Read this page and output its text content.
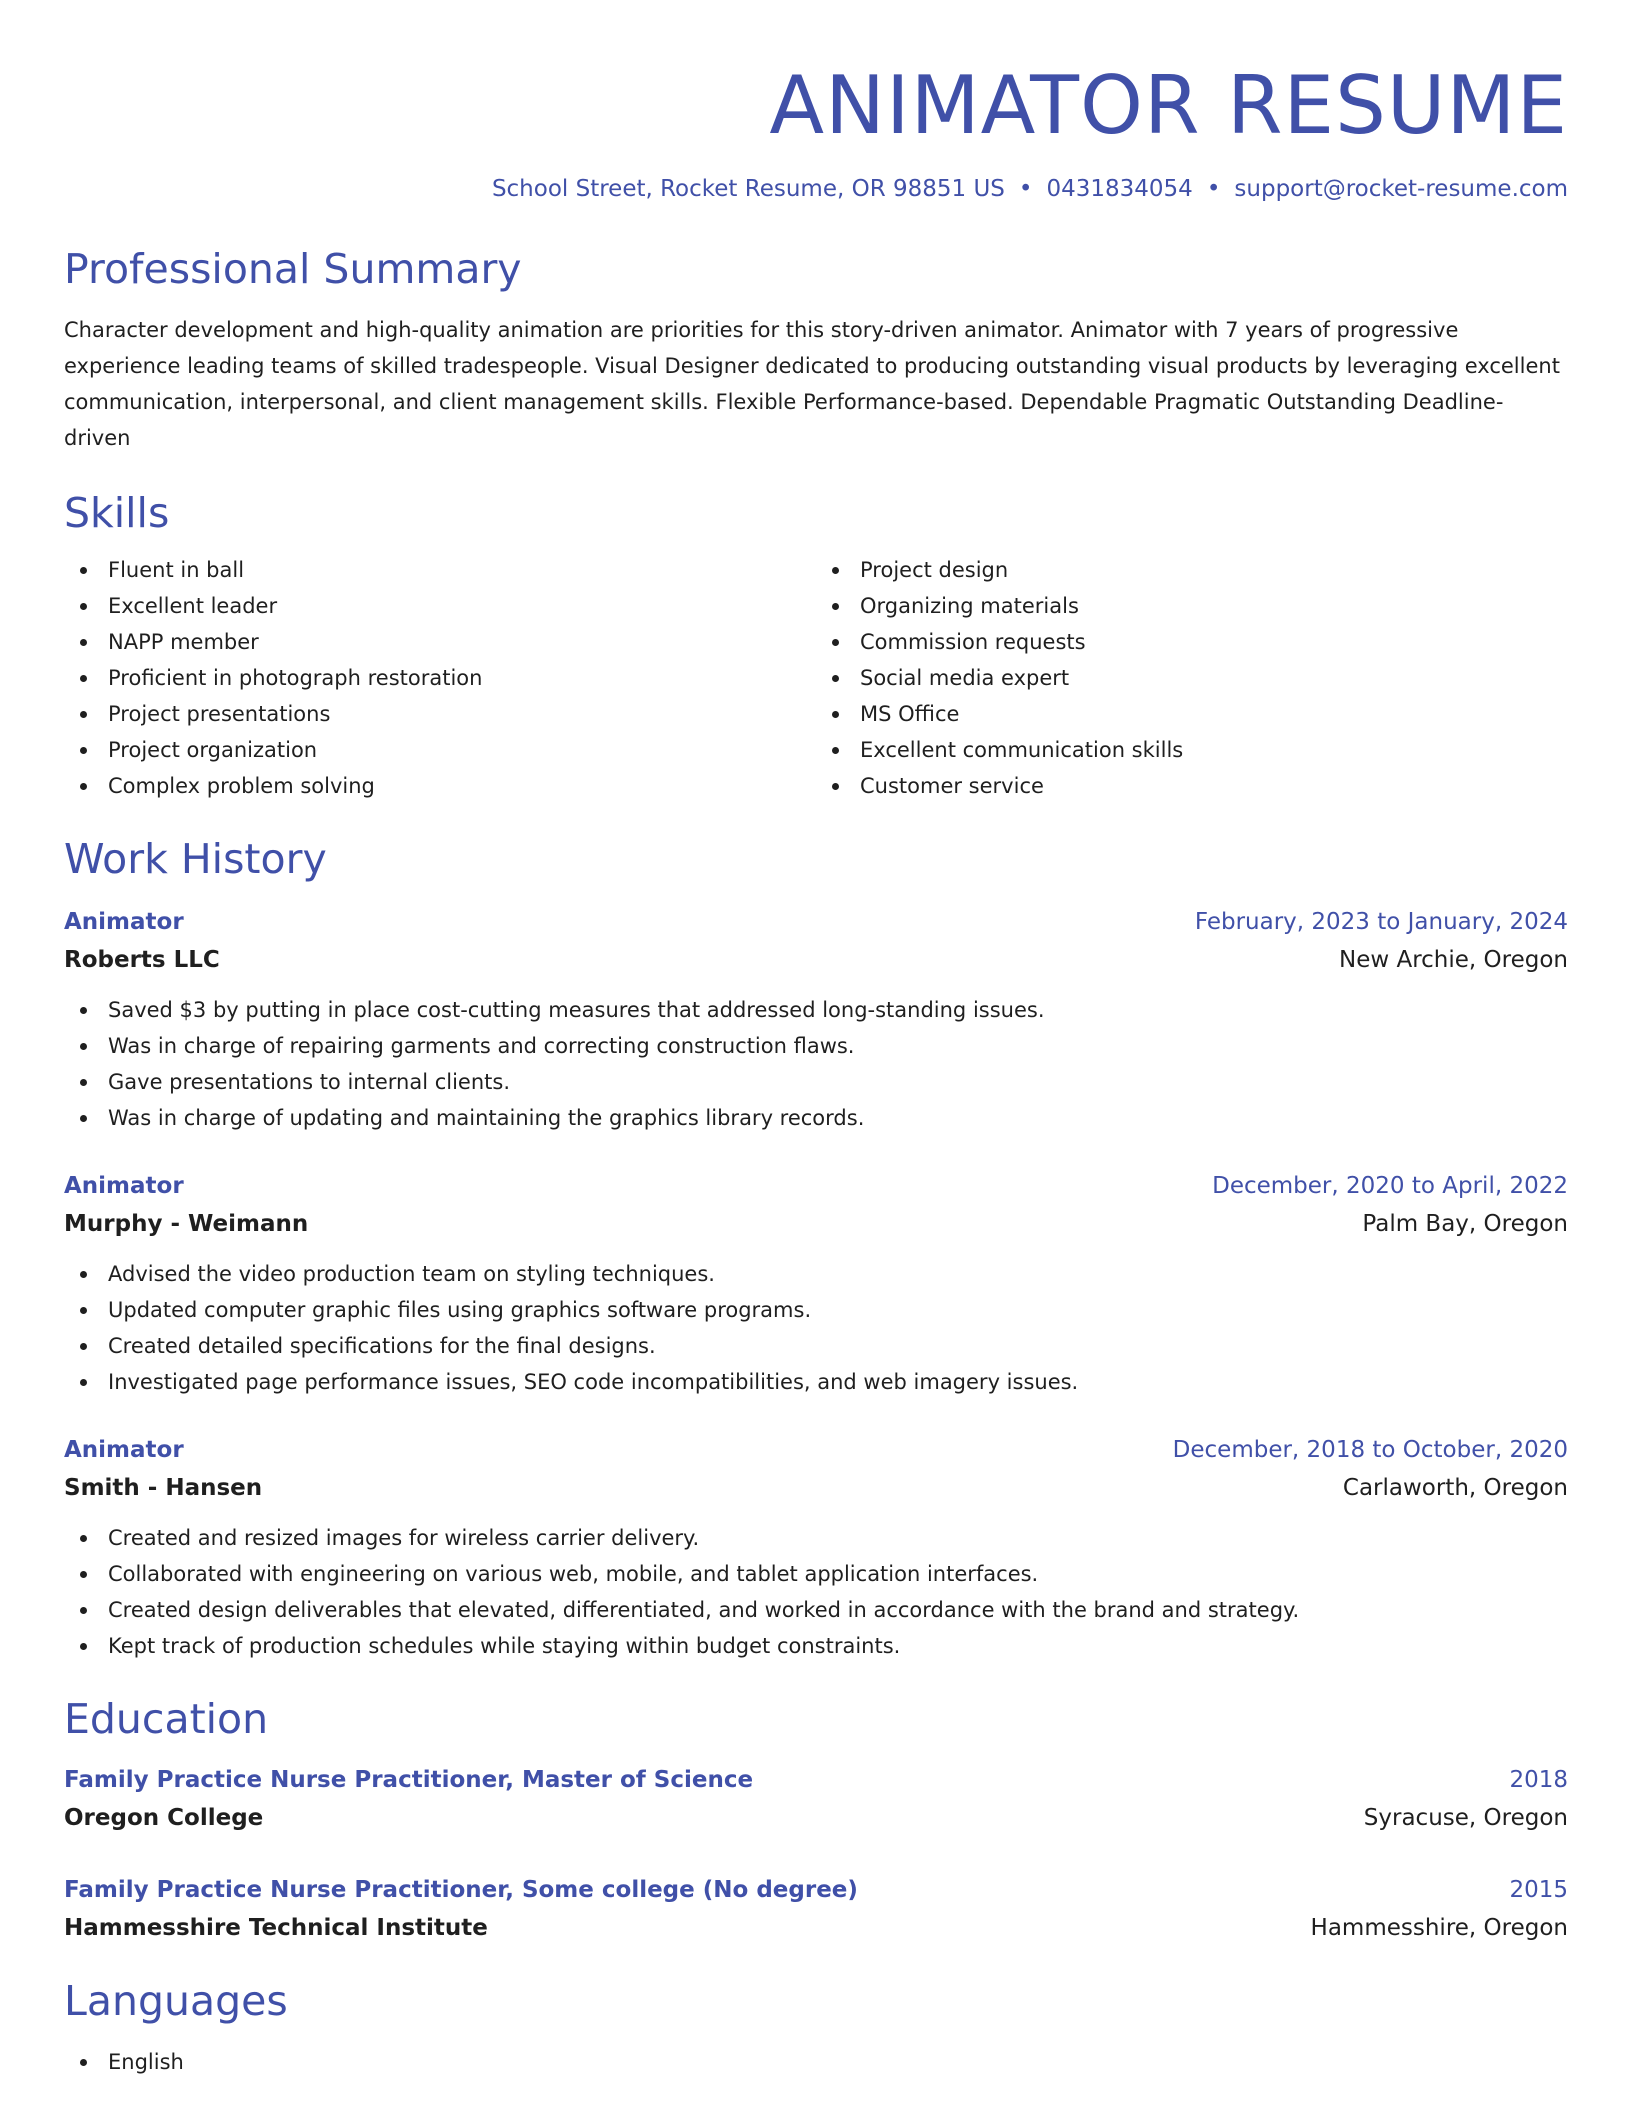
ANIMATOR RESUME
School Street, Rocket Resume, OR 98851 US • 0431834054 • support@rocket-resume.com
Professional Summary

Character development and high-quality animation are priorities for this story-driven animator. Animator with 7 years of progressive experience leading teams of skilled tradespeople. Visual Designer dedicated to producing outstanding visual products by leveraging excellent communication, interpersonal, and client management skills. Flexible Performance-based. Dependable Pragmatic Outstanding Deadline-driven

Skills
Fluent in ball
Excellent leader
NAPP member
Proficient in photograph restoration
Project presentations
Project organization
Complex problem solving
Project design
Organizing materials
Commission requests
Social media expert
MS Office
Excellent communication skills
Customer service
Work History
Animator	February, 2023 to January, 2024
Roberts LLC	New Archie, Oregon
Saved $3 by putting in place cost-cutting measures that addressed long-standing issues.
Was in charge of repairing garments and correcting construction flaws.
Gave presentations to internal clients.
Was in charge of updating and maintaining the graphics library records.
Animator	December, 2020 to April, 2022
Murphy - Weimann	Palm Bay, Oregon
Advised the video production team on styling techniques.
Updated computer graphic files using graphics software programs.
Created detailed specifications for the final designs.
Investigated page performance issues, SEO code incompatibilities, and web imagery issues.
Animator	December, 2018 to October, 2020
Smith - Hansen	Carlaworth, Oregon
Created and resized images for wireless carrier delivery.
Collaborated with engineering on various web, mobile, and tablet application interfaces.
Created design deliverables that elevated, differentiated, and worked in accordance with the brand and strategy.
Kept track of production schedules while staying within budget constraints.
Education
Family Practice Nurse Practitioner, Master of Science	2018
Oregon College	Syracuse, Oregon
Family Practice Nurse Practitioner, Some college (No degree)	2015
Hammesshire Technical Institute	Hammesshire, Oregon
Languages
English
